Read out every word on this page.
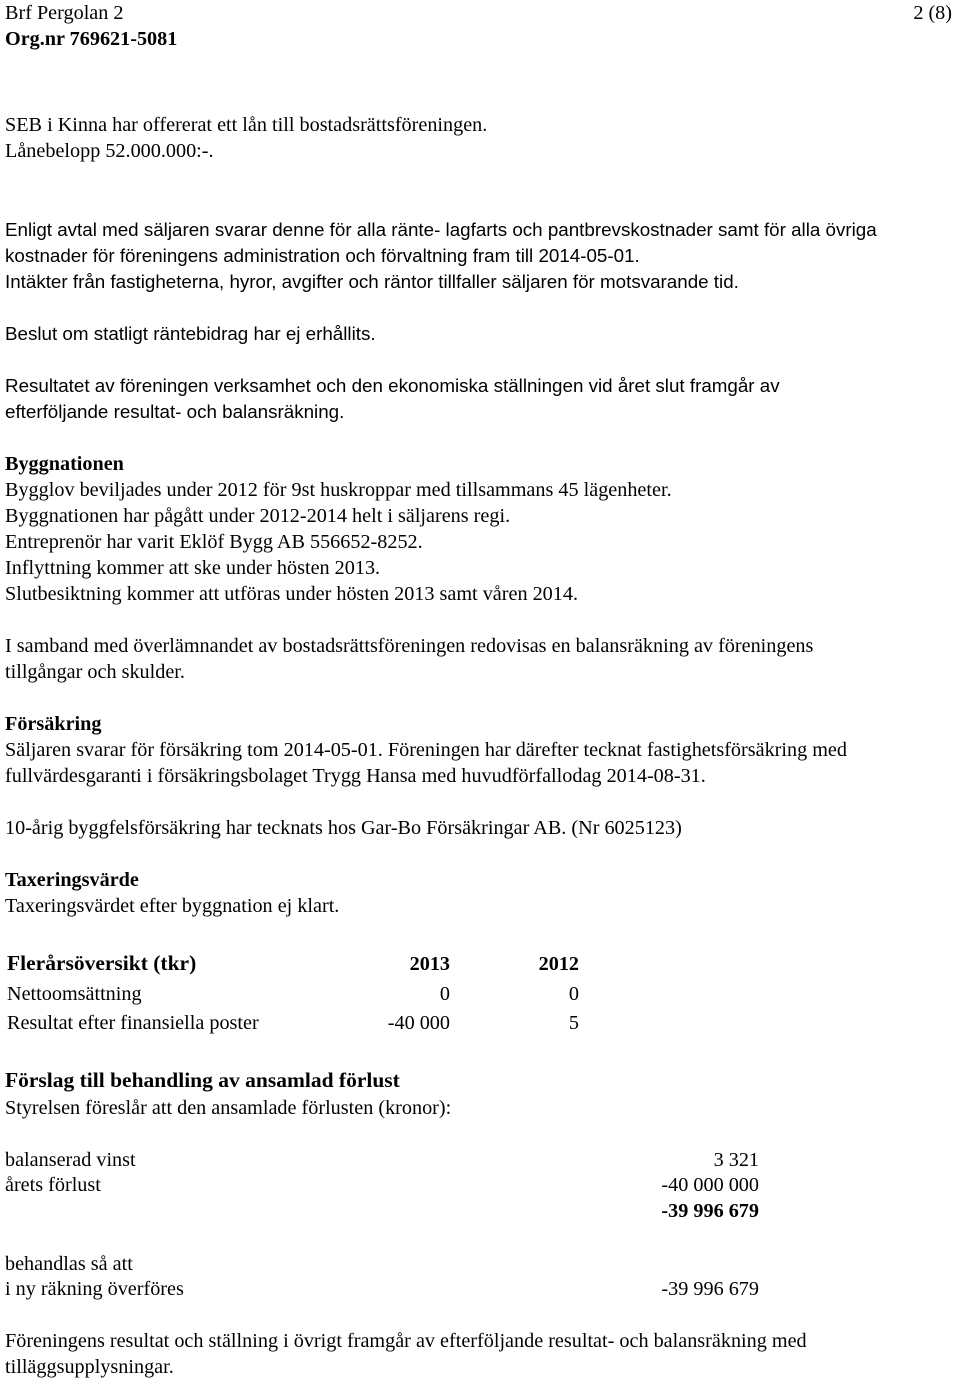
Brf Pergolan 2
Org.nr 769621-5081
2 (8)
SEB i Kinna har offererat ett lån till bostadsrättsföreningen.
Lånebelopp 52.000.000:-.
Enligt avtal med säljaren svarar denne för alla ränte- lagfarts och pantbrevskostnader samt för alla övriga
kostnader för föreningens administration och förvaltning fram till 2014-05-01.
Intäkter från fastigheterna, hyror, avgifter och räntor tillfaller säljaren för motsvarande tid.
Beslut om statligt räntebidrag har ej erhållits.
Resultatet av föreningen verksamhet och den ekonomiska ställningen vid året slut framgår av
efterföljande resultat- och balansräkning.
Byggnationen
Bygglov beviljades under 2012 för 9st huskroppar med tillsammans 45 lägenheter.
Byggnationen har pågått under 2012-2014 helt i säljarens regi.
Entreprenör har varit Eklöf Bygg AB 556652-8252.
Inflyttning kommer att ske under hösten 2013.
Slutbesiktning kommer att utföras under hösten 2013 samt våren 2014.
I samband med överlämnandet av bostadsrättsföreningen redovisas en balansräkning av föreningens
tillgångar och skulder.
Försäkring
Säljaren svarar för försäkring tom 2014-05-01. Föreningen har därefter tecknat fastighetsförsäkring med
fullvärdesgaranti i försäkringsbolaget Trygg Hansa med huvudförfallodag 2014-08-31.
10-årig byggfelsförsäkring har tecknats hos Gar-Bo Försäkringar AB. (Nr 6025123)
Taxeringsvärde
Taxeringsvärdet efter byggnation ej klart.
Flerårsöversikt (tkr)	2013	2012
Nettoomsättning	0	0
Resultat efter finansiella poster	-40 000	5
Förslag till behandling av ansamlad förlust
Styrelsen föreslår att den ansamlade förlusten (kronor):
balanserad vinst	3 321
årets förlust	-40 000 000
-39 996 679
behandlas så att
i ny räkning överföres	-39 996 679
Föreningens resultat och ställning i övrigt framgår av efterföljande resultat- och balansräkning med
tilläggsupplysningar.
